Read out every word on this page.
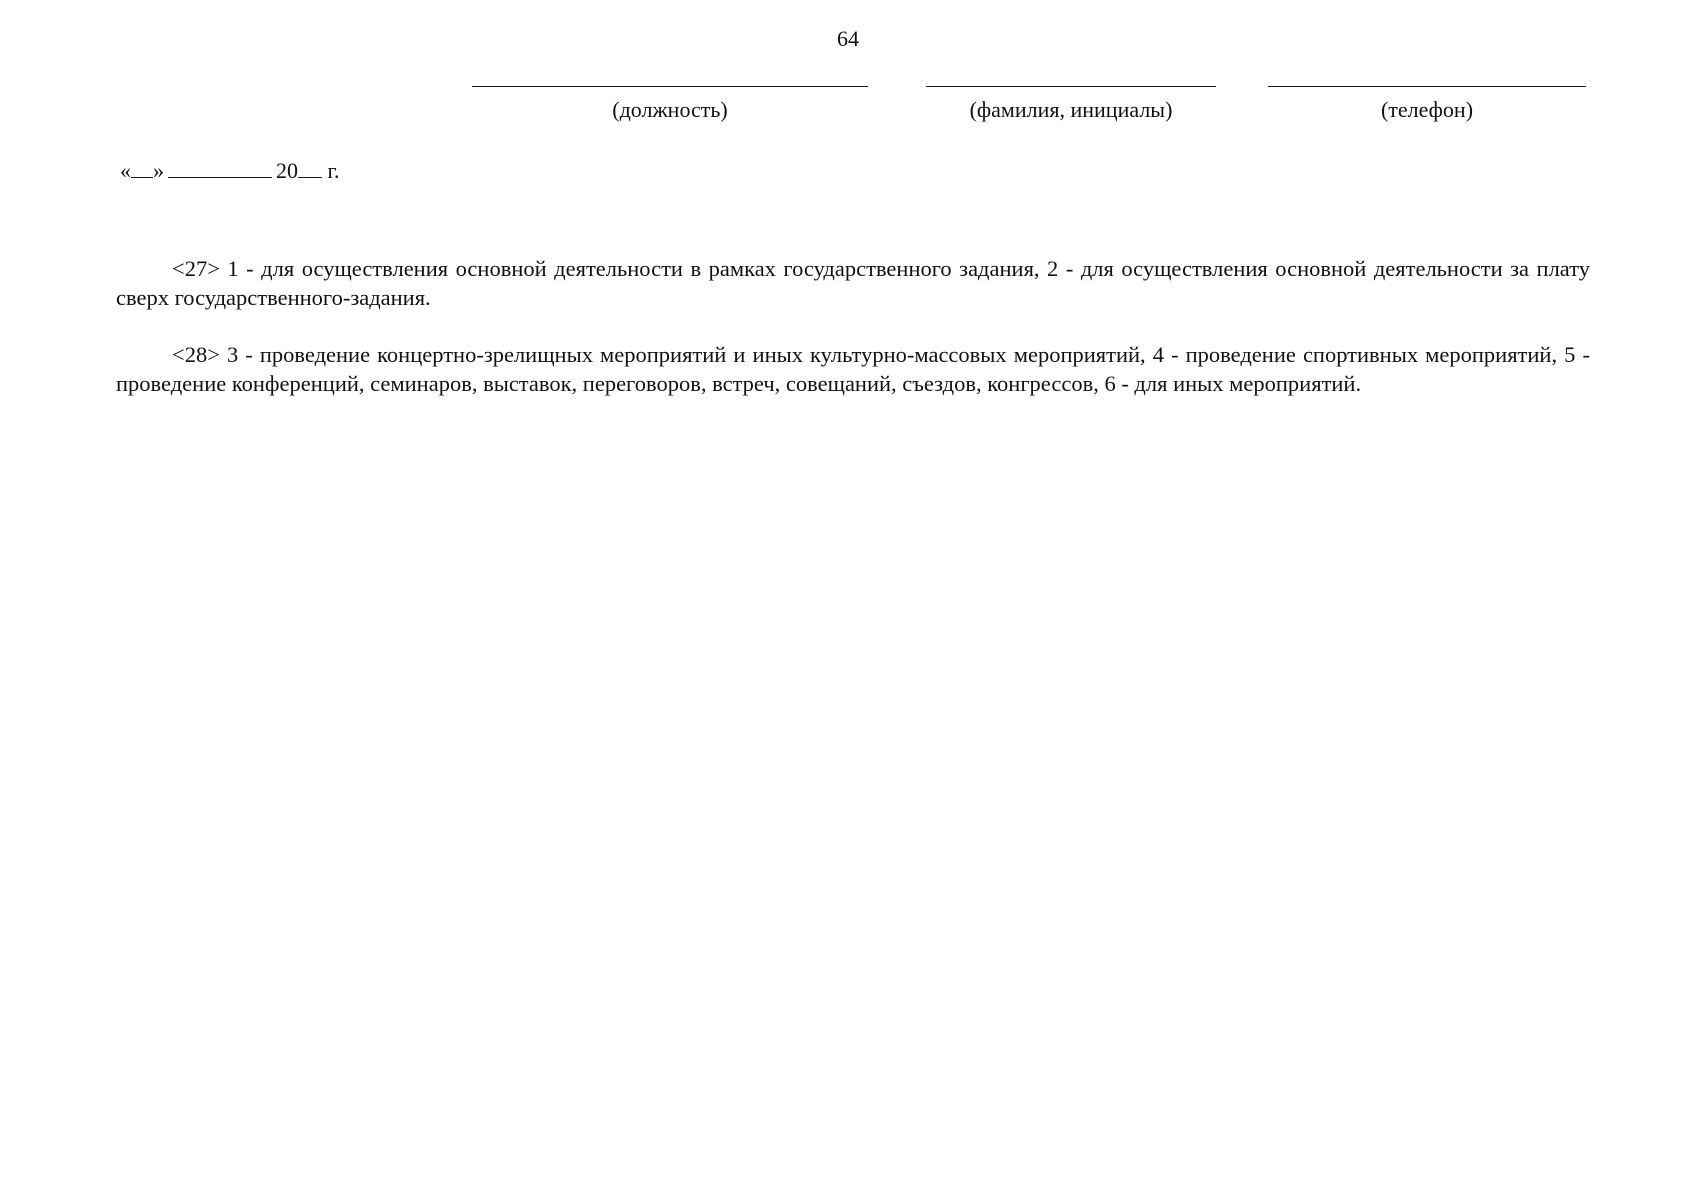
64
(должность)	(фамилия, инициалы)	(телефон)
« »	20 г.

<27> 1 - для осуществления основной деятельности в рамках государственного задания, 2 - для осуществления основной деятельности за плату сверх государственного-задания.

<28> 3 - проведение концертно-зрелищных мероприятий и иных культурно-массовых мероприятий, 4 - проведение спортивных мероприятий, 5 - проведение конференций, семинаров, выставок, переговоров, встреч, совещаний, съездов, конгрессов, 6 - для иных мероприятий.
